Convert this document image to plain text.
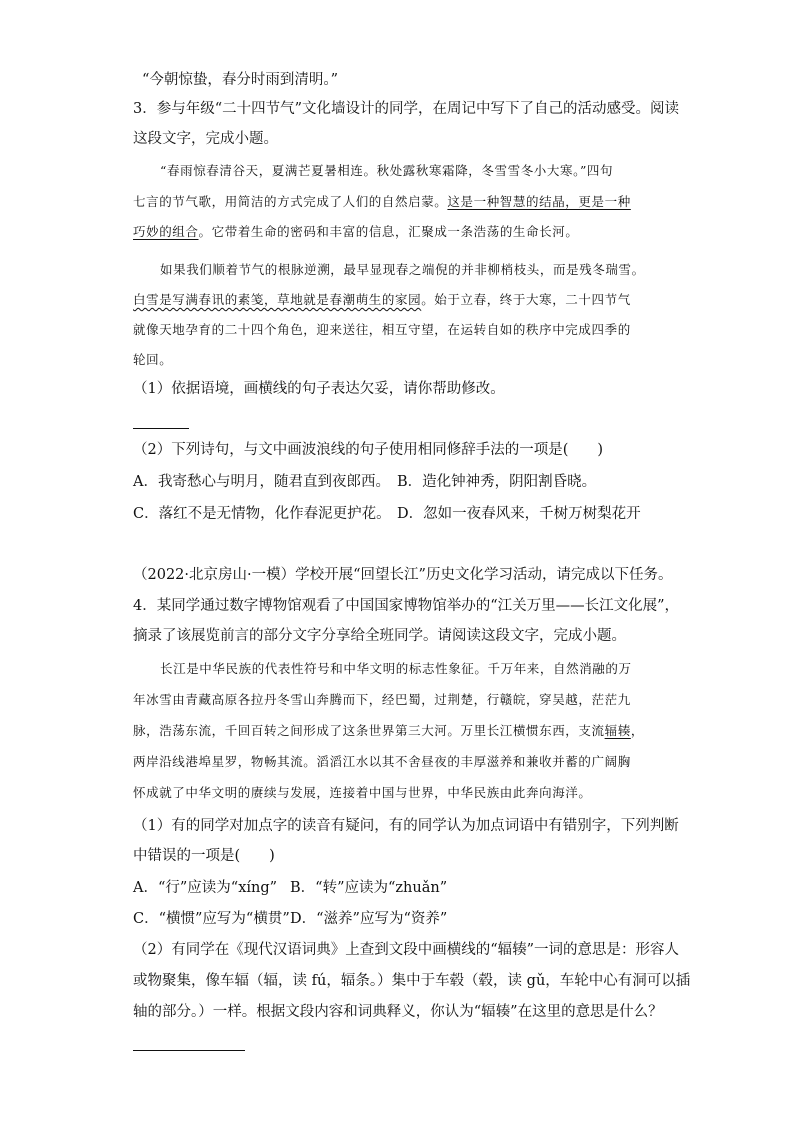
“今朝惊蛰，春分时雨到清明。”
3．参与年级“二十四节气”文化墙设计的同学，在周记中写下了自己的活动感受。阅读
这段文字，完成小题。
“春雨惊春清谷天，夏满芒夏暑相连。秋处露秋寒霜降，冬雪雪冬小大寒。”四句
七言的节气歌，用简洁的方式完成了人们的自然启蒙。这是一种智慧的结晶，更是一种
巧妙的组合。它带着生命的密码和丰富的信息，汇聚成一条浩荡的生命长河。
如果我们顺着节气的根脉逆溯，最早显现春之端倪的并非柳梢枝头，而是残冬瑞雪。
白雪是写满春讯的素笺，草地就是春潮萌生的家园。始于立春，终于大寒，二十四节气
就像天地孕育的二十四个角色，迎来送往，相互守望，在运转自如的秩序中完成四季的
轮回。
（1）依据语境，画横线的句子表达欠妥，请你帮助修改。
（2）下列诗句，与文中画波浪线的句子使用相同修辞手法的一项是(　　)
A．我寄愁心与明月，随君直到夜郎西。 B．造化钟神秀，阴阳割昏晓。
C．落红不是无情物，化作春泥更护花。 D．忽如一夜春风来，千树万树梨花开
（2022·北京房山·一模）学校开展“回望长江”历史文化学习活动，请完成以下任务。
4．某同学通过数字博物馆观看了中国国家博物馆举办的“江关万里——长江文化展”，
摘录了该展览前言的部分文字分享给全班同学。请阅读这段文字，完成小题。
长江是中华民族的代表性符号和中华文明的标志性象征。千万年来，自然消融的万
年冰雪由青藏高原各拉丹冬雪山奔腾而下，经巴蜀，过荆楚，行赣皖，穿吴越，茫茫九
脉，浩荡东流，千回百转之间形成了这条世界第三大河。万里长江横惯东西，支流辐辏，
两岸沿线港埠星罗，物畅其流。滔滔江水以其不舍昼夜的丰厚滋养和兼收并蓄的广阔胸
怀成就了中华文明的赓续与发展，连接着中国与世界，中华民族由此奔向海洋。
（1）有的同学对加点字的读音有疑问，有的同学认为加点词语中有错别字，下列判断
中错误的一项是(　　)
A．“行”应读为“xíng” B．“转”应读为“zhuǎn”
C．“横惯”应写为“横贯” D．“滋养”应写为“资养”
（2）有同学在《现代汉语词典》上查到文段中画横线的“辐辏”一词的意思是：形容人
或物聚集，像车辐（辐，读 fú，辐条。）集中于车毂（毂，读 gǔ，车轮中心有洞可以插
轴的部分。）一样。根据文段内容和词典释义，你认为“辐辏”在这里的意思是什么？
